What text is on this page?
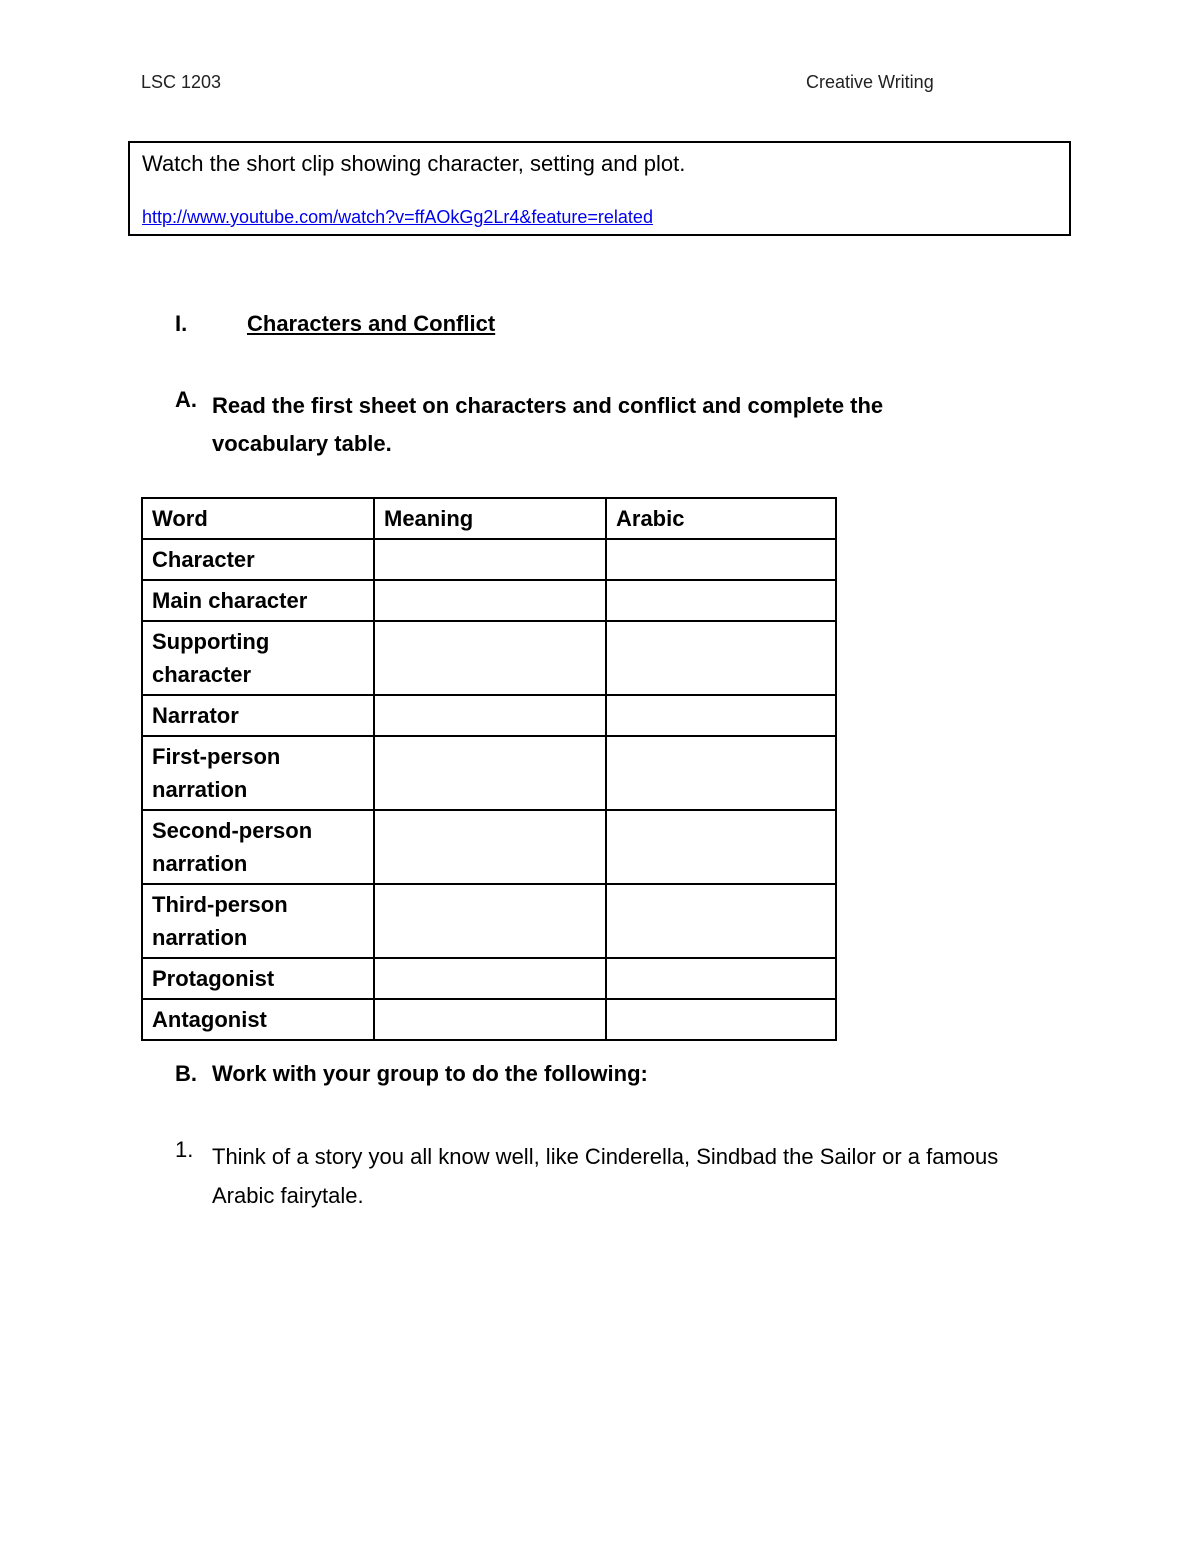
LSC 1203	Creative Writing
Watch the short clip showing character, setting and plot.
http://www.youtube.com/watch?v=ffAOkGg2Lr4&feature=related
I.	Characters and Conflict
A. Read the first sheet on characters and conflict and complete the vocabulary table.
Word	Meaning	Arabic
Character		
Main character		
Supporting character		
Narrator		
First-person narration		
Second-person narration		
Third-person narration		
Protagonist		
Antagonist		
B. Work with your group to do the following:
1. Think of a story you all know well, like Cinderella, Sindbad the Sailor or a famous Arabic fairytale.
